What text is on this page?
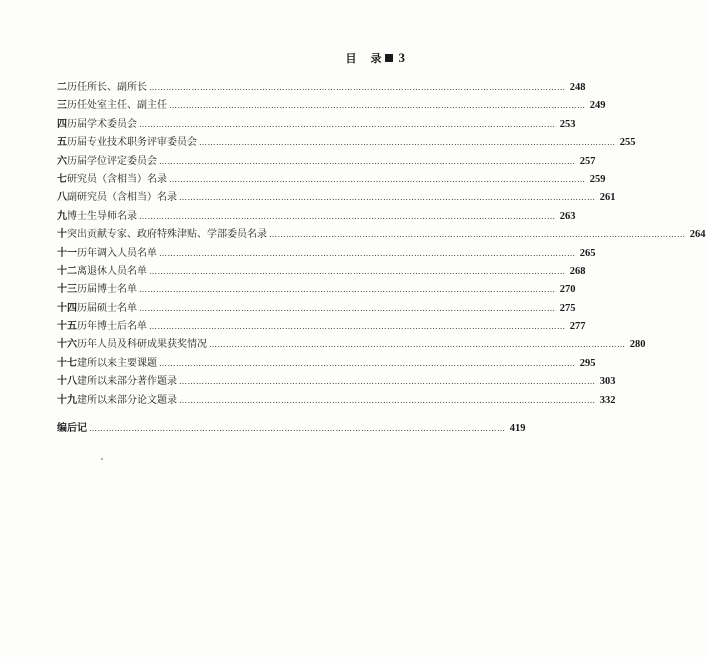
目 录 3
二 历任所长、副所长 ………………………………………………………………………………………………………………………………… 248
三 历任处室主任、副主任 ………………………………………………………………………………………………………………………………… 249
四 历届学术委员会 ………………………………………………………………………………………………………………………………… 253
五 历届专业技术职务评审委员会 ………………………………………………………………………………………………………………………………… 255
六 历届学位评定委员会 ………………………………………………………………………………………………………………………………… 257
七 研究员（含相当）名录 ………………………………………………………………………………………………………………………………… 259
八 副研究员（含相当）名录 ………………………………………………………………………………………………………………………………… 261
九 博士生导师名录 ………………………………………………………………………………………………………………………………… 263
十 突出贡献专家、政府特殊津贴、学部委员名录 ………………………………………………………………………………………………………………………………… 264
十一 历年调入人员名单 ………………………………………………………………………………………………………………………………… 265
十二 离退休人员名单 ………………………………………………………………………………………………………………………………… 268
十三 历届博士名单 ………………………………………………………………………………………………………………………………… 270
十四 历届硕士名单 ………………………………………………………………………………………………………………………………… 275
十五 历年博士后名单 ………………………………………………………………………………………………………………………………… 277
十六 历年人员及科研成果获奖情况 ………………………………………………………………………………………………………………………………… 280
十七 建所以来主要课题 ………………………………………………………………………………………………………………………………… 295
十八 建所以来部分著作题录 ………………………………………………………………………………………………………………………………… 303
十九 建所以来部分论文题录 ………………………………………………………………………………………………………………………………… 332
编后记 ………………………………………………………………………………………………………………………………… 419
